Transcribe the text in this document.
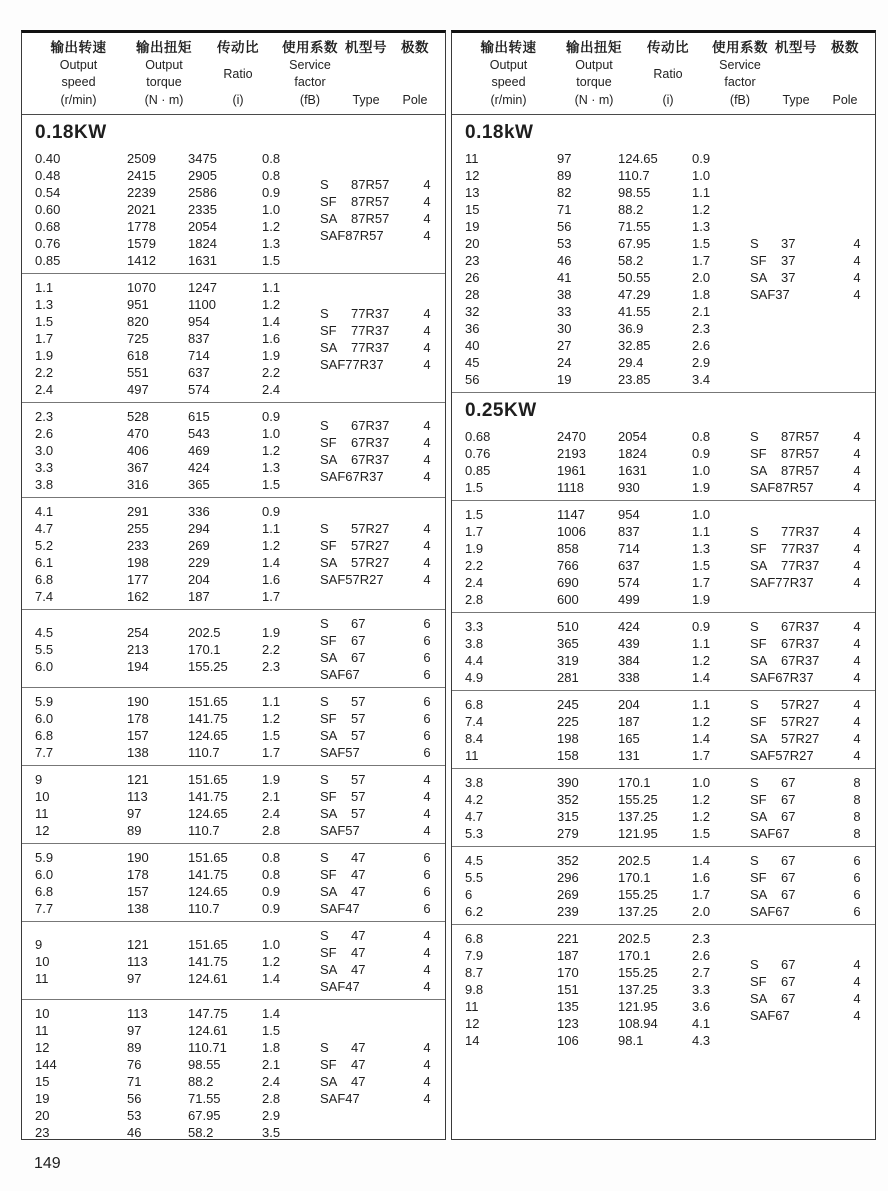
输出转速
Output
speed
(r/min)
输出扭矩
Output
torque
(N · m)
传动比
Ratio
(i)
使用系数
Service
factor
(fB)
机型号
Type
极数
Pole
0.18KW
0.40	2509	3475	0.8
0.48	2415	2905	0.8
0.54	2239	2586	0.9
0.60	2021	2335	1.0
0.68	1778	2054	1.2
0.76	1579	1824	1.3
0.85	1412	1631	1.5
S	87R57	4
SF	87R57	4
SA	87R57	4
SAF 87R57	4
1.1	1070	1247	1.1
1.3	951	1100	1.2
1.5	820	954	1.4
1.7	725	837	1.6
1.9	618	714	1.9
2.2	551	637	2.2
2.4	497	574	2.4
S	77R37	4
SF	77R37	4
SA	77R37	4
SAF 77R37	4
2.3	528	615	0.9
2.6	470	543	1.0
3.0	406	469	1.2
3.3	367	424	1.3
3.8	316	365	1.5
S	67R37	4
SF	67R37	4
SA	67R37	4
SAF 67R37	4
4.1	291	336	0.9
4.7	255	294	1.1
5.2	233	269	1.2
6.1	198	229	1.4
6.8	177	204	1.6
7.4	162	187	1.7
S	57R27	4
SF	57R27	4
SA	57R27	4
SAF 57R27	4
4.5	254	202.5	1.9
5.5	213	170.1	2.2
6.0	194	155.25	2.3
S	67	6
SF	67	6
SA	67	6
SAF 67	6
5.9	190	151.65	1.1
6.0	178	141.75	1.2
6.8	157	124.65	1.5
7.7	138	110.7	1.7
S	57	6
SF	57	6
SA	57	6
SAF 57	6
9	121	151.65	1.9
10	113	141.75	2.1
11	97	124.65	2.4
12	89	110.7	2.8
S	57	4
SF	57	4
SA	57	4
SAF 57	4
5.9	190	151.65	0.8
6.0	178	141.75	0.8
6.8	157	124.65	0.9
7.7	138	110.7	0.9
S	47	6
SF	47	6
SA	47	6
SAF 47	6
9	121	151.65	1.0
10	113	141.75	1.2
11	97	124.61	1.4
S	47	4
SF	47	4
SA	47	4
SAF 47	4
10	113	147.75	1.4
11	97	124.61	1.5
12	89	110.71	1.8
144	76	98.55	2.1
15	71	88.2	2.4
19	56	71.55	2.8
20	53	67.95	2.9
23	46	58.2	3.5
S	47	4
SF	47	4
SA	47	4
SAF 47	4
输出转速
Output
speed
(r/min)
输出扭矩
Output
torque
(N · m)
传动比
Ratio
(i)
使用系数
Service
factor
(fB)
机型号
Type
极数
Pole
0.18kW
11	97	124.65	0.9
12	89	110.7	1.0
13	82	98.55	1.1
15	71	88.2	1.2
19	56	71.55	1.3
20	53	67.95	1.5
23	46	58.2	1.7
26	41	50.55	2.0
28	38	47.29	1.8
32	33	41.55	2.1
36	30	36.9	2.3
40	27	32.85	2.6
45	24	29.4	2.9
56	19	23.85	3.4
S	37	4
SF	37	4
SA	37	4
SAF 37	4
0.25KW
0.68	2470	2054	0.8
0.76	2193	1824	0.9
0.85	1961	1631	1.0
1.5	1118	930	1.9
S	87R57	4
SF	87R57	4
SA	87R57	4
SAF 87R57	4
1.5	1147	954	1.0
1.7	1006	837	1.1
1.9	858	714	1.3
2.2	766	637	1.5
2.4	690	574	1.7
2.8	600	499	1.9
S	77R37	4
SF	77R37	4
SA	77R37	4
SAF 77R37	4
3.3	510	424	0.9
3.8	365	439	1.1
4.4	319	384	1.2
4.9	281	338	1.4
S	67R37	4
SF	67R37	4
SA	67R37	4
SAF 67R37	4
6.8	245	204	1.1
7.4	225	187	1.2
8.4	198	165	1.4
11	158	131	1.7
S	57R27	4
SF	57R27	4
SA	57R27	4
SAF 57R27	4
3.8	390	170.1	1.0
4.2	352	155.25	1.2
4.7	315	137.25	1.2
5.3	279	121.95	1.5
S	67	8
SF	67	8
SA	67	8
SAF 67	8
4.5	352	202.5	1.4
5.5	296	170.1	1.6
6	269	155.25	1.7
6.2	239	137.25	2.0
S	67	6
SF	67	6
SA	67	6
SAF 67	6
6.8	221	202.5	2.3
7.9	187	170.1	2.6
8.7	170	155.25	2.7
9.8	151	137.25	3.3
11	135	121.95	3.6
12	123	108.94	4.1
14	106	98.1	4.3
S	67	4
SF	67	4
SA	67	4
SAF 67	4
149
